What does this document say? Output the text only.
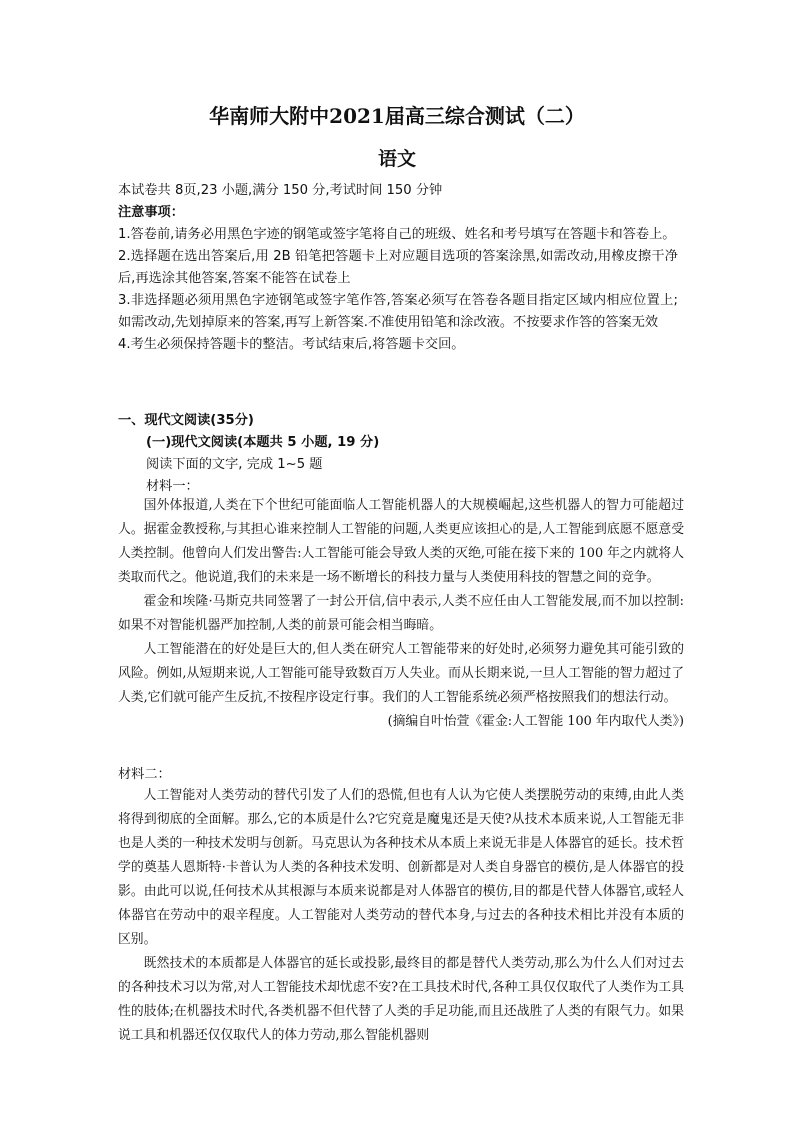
华南师大附中2021届高三综合测试（二）
语文
本试卷共 8页,23 小题,满分 150 分,考试时间 150 分钟
注意事项：

1.答卷前,请务必用黑色字迹的钢笔或签字笔将自己的班级、姓名和考号填写在答题卡和答卷上。

2.选择题在选出答案后,用 2B 铅笔把答题卡上对应题目选项的答案涂黑,如需改动,用橡皮擦干净后,再选涂其他答案,答案不能答在试卷上

3.非选择题必须用黑色字迹钢笔或签字笔作答,答案必须写在答卷各题目指定区域内相应位置上;如需改动,先划掉原来的答案,再写上新答案.不准使用铅笔和涂改液。不按要求作答的答案无效

4.考生必须保持答题卡的整洁。考试结束后,将答题卡交回。

一、现代文阅读(35分)
(一)现代文阅读(本题共 5 小题, 19 分)
阅读下面的文字, 完成 1~5 题
材料一：

国外体报道,人类在下个世纪可能面临人工智能机器人的大规模崛起,这些机器人的智力可能超过人。据霍金教授称,与其担心谁来控制人工智能的问题,人类更应该担心的是,人工智能到底愿不愿意受人类控制。他曾向人们发出警告:人工智能可能会导致人类的灭绝,可能在接下来的 100 年之内就将人类取而代之。他说道,我们的未来是一场不断增长的科技力量与人类使用科技的智慧之间的竞争。

霍金和埃隆·马斯克共同签署了一封公开信,信中表示,人类不应任由人工智能发展,而不加以控制:如果不对智能机器严加控制,人类的前景可能会相当晦暗。

人工智能潜在的好处是巨大的,但人类在研究人工智能带来的好处时,必须努力避免其可能引致的风险。例如,从短期来说,人工智能可能导致数百万人失业。而从长期来说,一旦人工智能的智力超过了人类,它们就可能产生反抗,不按程序设定行事。我们的人工智能系统必须严格按照我们的想法行动。

(摘编自叶怡萱《霍金:人工智能 100 年内取代人类》)

材料二：

人工智能对人类劳动的替代引发了人们的恐慌,但也有人认为它使人类摆脱劳动的束缚,由此人类将得到彻底的全面解。那么,它的本质是什么?它究竟是魔鬼还是天使?从技术本质来说,人工智能无非也是人类的一种技术发明与创新。马克思认为各种技术从本质上来说无非是人体器官的延长。技术哲学的奠基人恩斯特·卡普认为人类的各种技术发明、创新都是对人类自身器官的模仿,是人体器官的投影。由此可以说,任何技术从其根源与本质来说都是对人体器官的模仿,目的都是代替人体器官,或轻人体器官在劳动中的艰辛程度。人工智能对人类劳动的替代本身,与过去的各种技术相比并没有本质的区别。

既然技术的本质都是人体器官的延长或投影,最终目的都是替代人类劳动,那么为什么人们对过去的各种技术习以为常,对人工智能技术却忧虑不安?在工具技术时代,各种工具仅仅取代了人类作为工具性的肢体;在机器技术时代,各类机器不但代替了人类的手足功能,而且还战胜了人类的有限气力。如果说工具和机器还仅仅取代人的体力劳动,那么智能机器则
